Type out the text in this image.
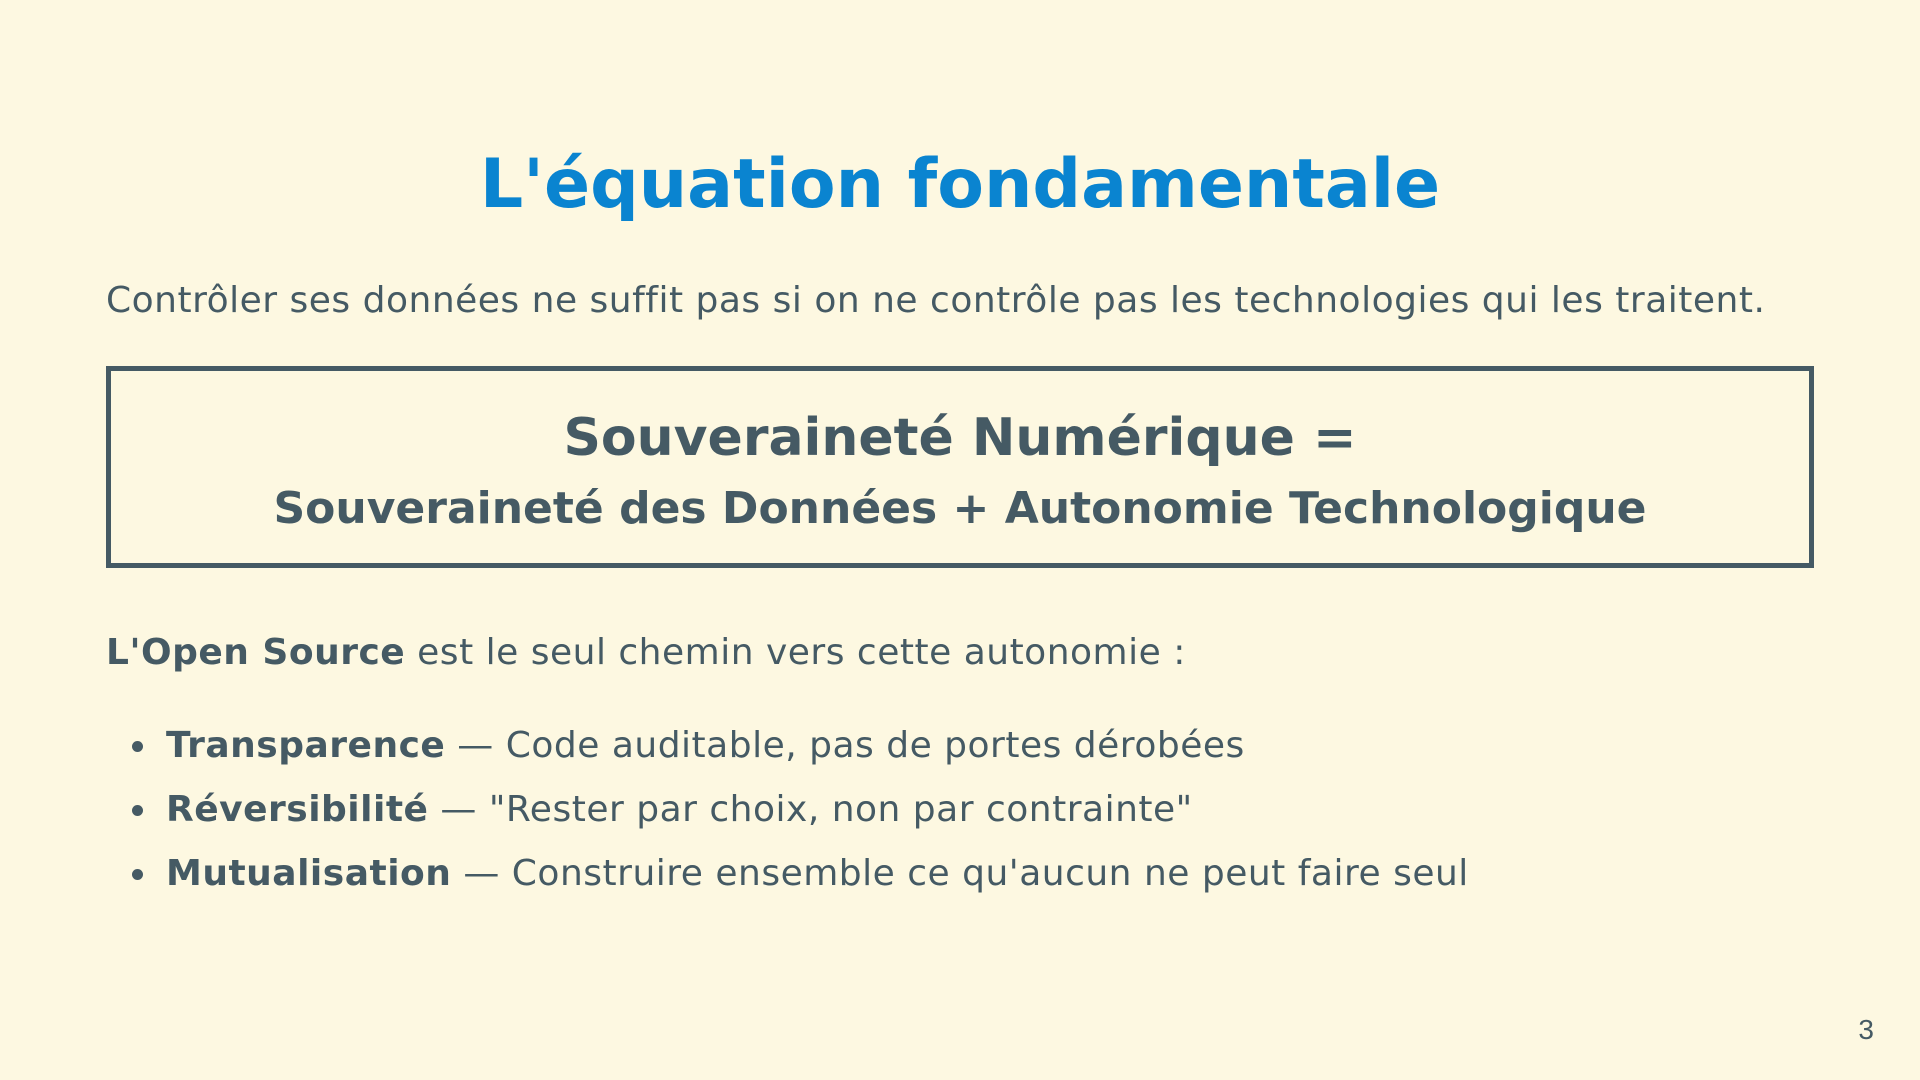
L'équation fondamentale

Contrôler ses données ne suffit pas si on ne contrôle pas les technologies qui les traitent.

Souveraineté Numérique =

Souveraineté des Données + Autonomie Technologique

L'Open Source est le seul chemin vers cette autonomie :

Transparence — Code auditable, pas de portes dérobées
Réversibilité — "Rester par choix, non par contrainte"
Mutualisation — Construire ensemble ce qu'aucun ne peut faire seul
3
